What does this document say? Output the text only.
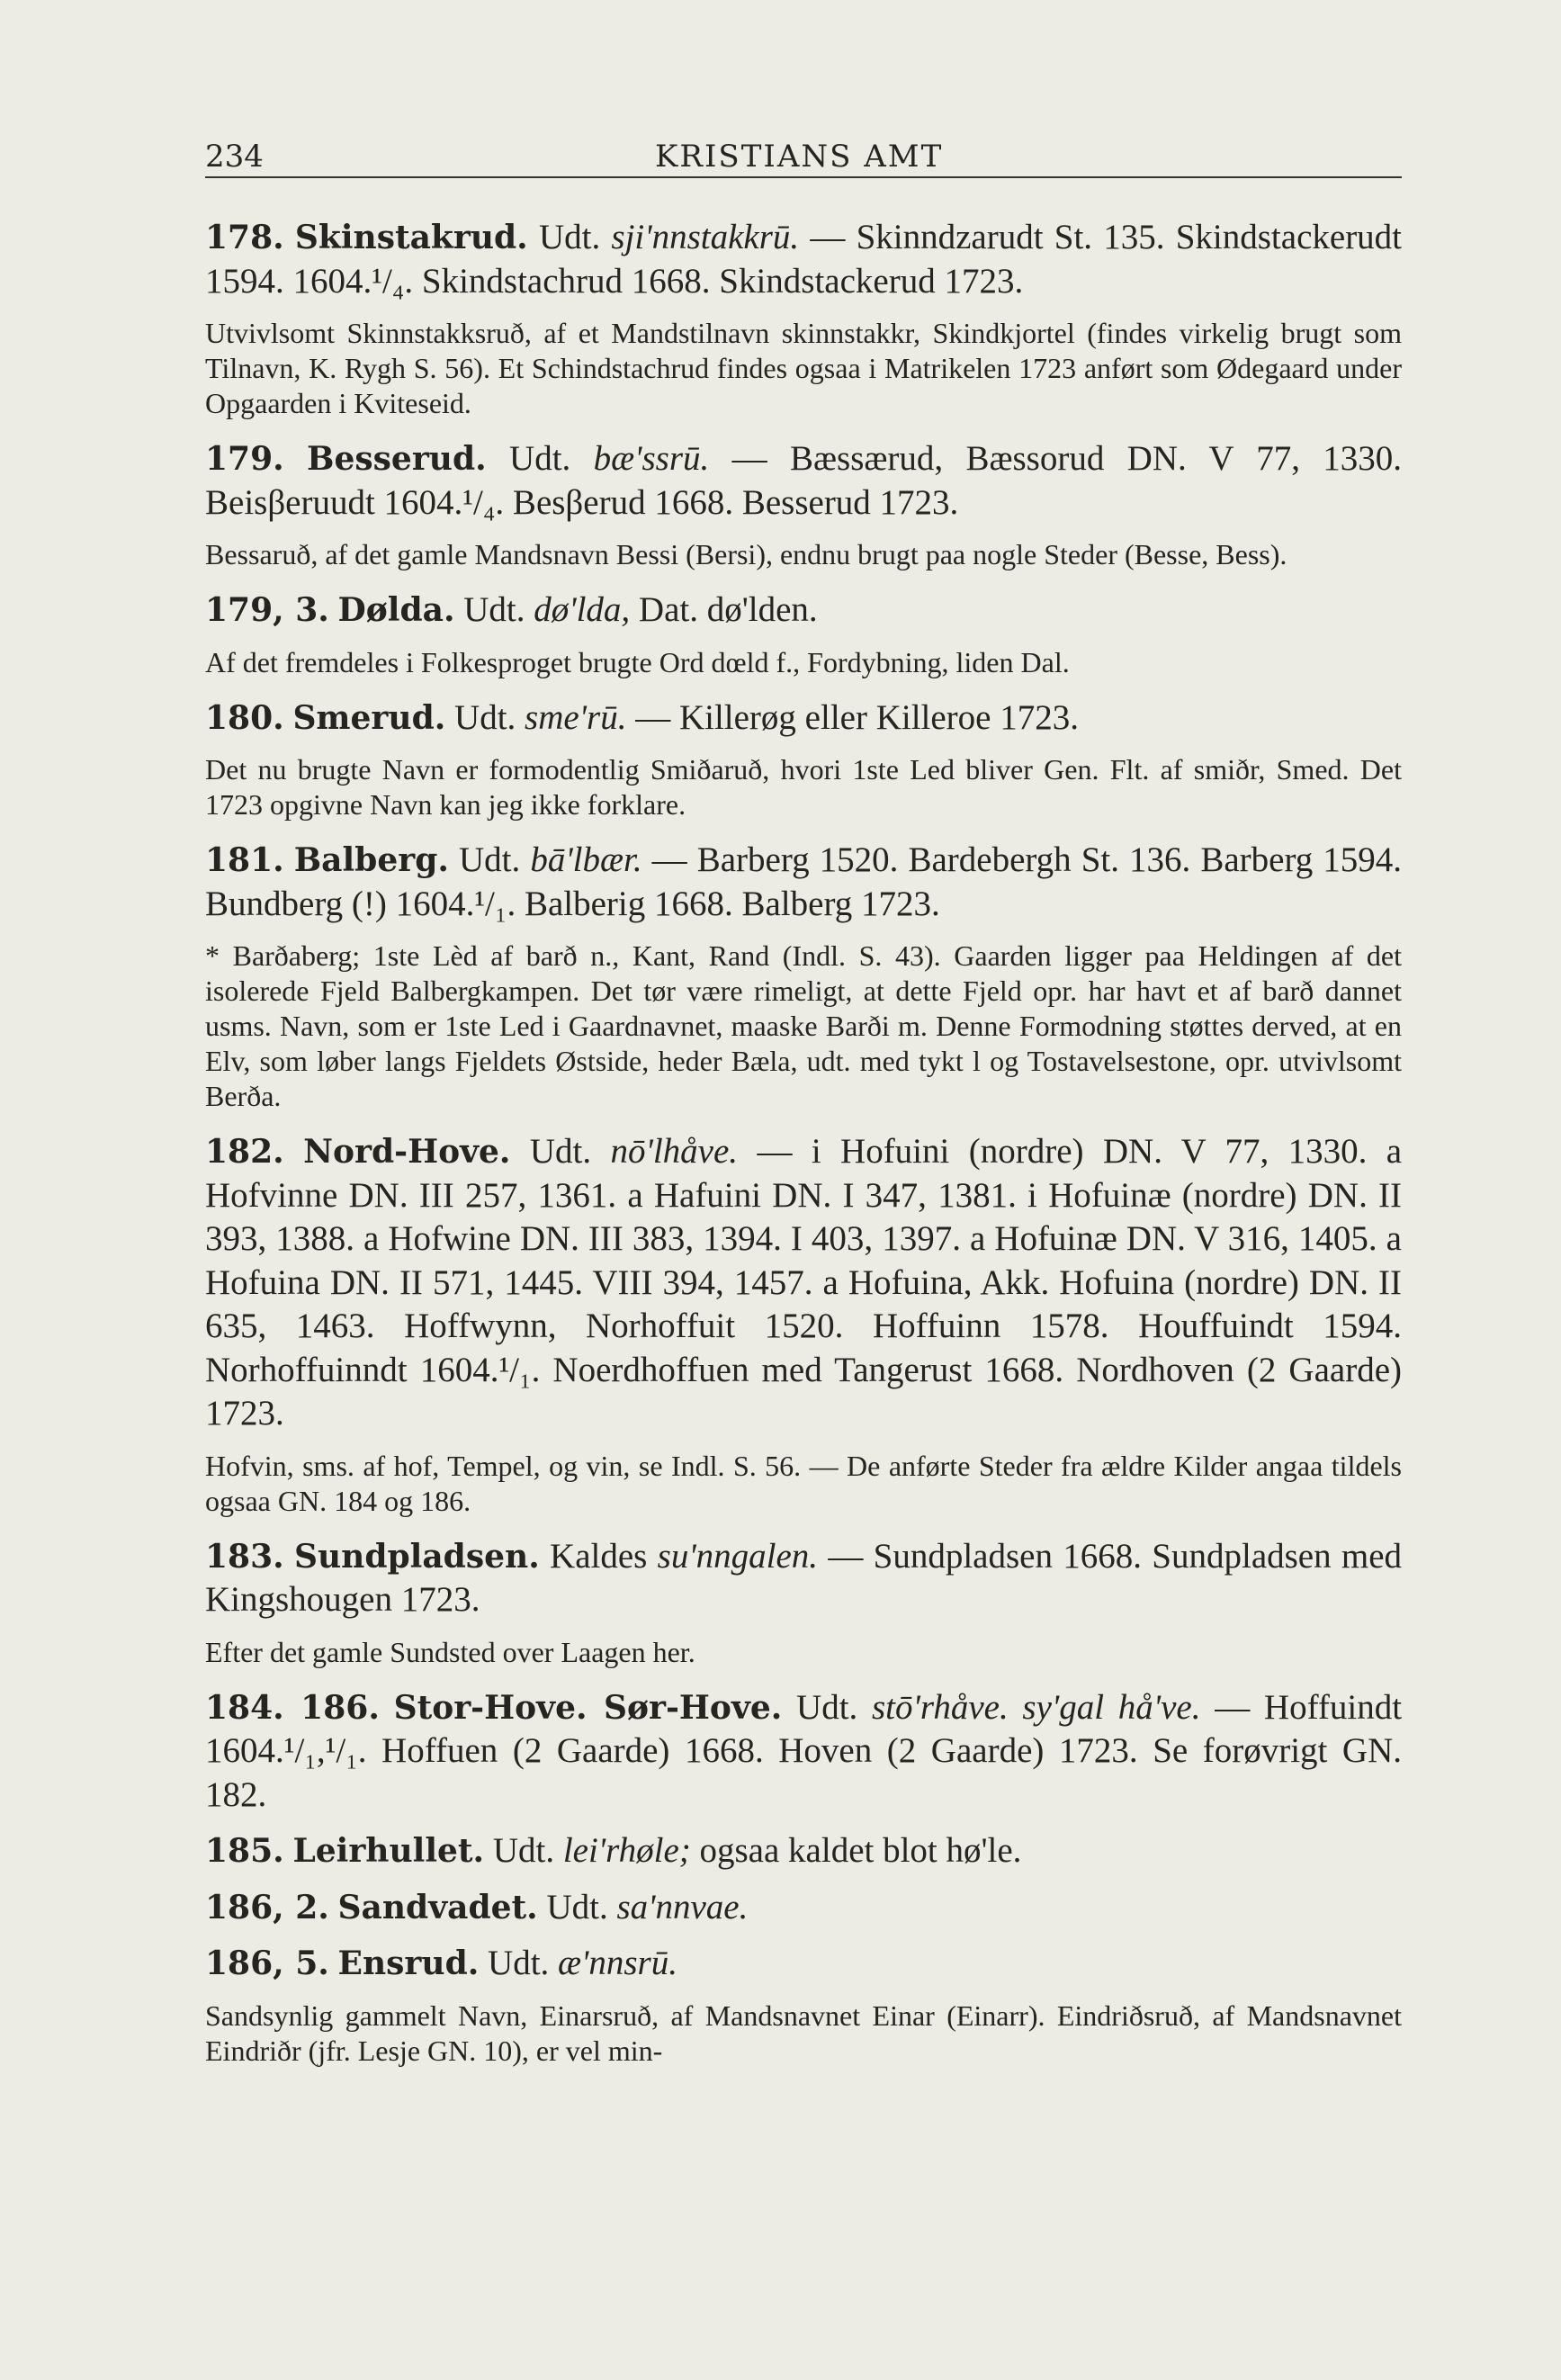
234	KRISTIANS AMT

178. Skinstakrud. Udt. sji'nnstakkrū. — Skinndzarudt St. 135. Skindstackerudt 1594. 1604.¹/₄. Skindstachrud 1668. Skindstackerud 1723.

Utvivlsomt Skinnstakksruð, af et Mandstilnavn skinnstakkr, Skindkjortel (findes virkelig brugt som Tilnavn, K. Rygh S. 56). Et Schindstachrud findes ogsaa i Matrikelen 1723 anført som Ødegaard under Opgaarden i Kviteseid.

179. Besserud. Udt. bæ'ssrū. — Bæssærud, Bæssorud DN. V 77, 1330. Beisβeruudt 1604.¹/₄. Besβerud 1668. Besserud 1723.

Bessaruð, af det gamle Mandsnavn Bessi (Bersi), endnu brugt paa nogle Steder (Besse, Bess).

179, 3. Dølda. Udt. dø'lda, Dat. dø'lden.

Af det fremdeles i Folkesproget brugte Ord dœld f., Fordybning, liden Dal.

180. Smerud. Udt. sme'rū. — Killerøg eller Killeroe 1723.

Det nu brugte Navn er formodentlig Smiðaruð, hvori 1ste Led bliver Gen. Flt. af smiðr, Smed. Det 1723 opgivne Navn kan jeg ikke forklare.

181. Balberg. Udt. bā'lbær. — Barberg 1520. Bardebergh St. 136. Barberg 1594. Bundberg (!) 1604.¹/₁. Balberig 1668. Balberg 1723.

* Barðaberg; 1ste Lèd af barð n., Kant, Rand (Indl. S. 43). Gaarden ligger paa Heldingen af det isolerede Fjeld Balbergkampen. Det tør være rimeligt, at dette Fjeld opr. har havt et af barð dannet usms. Navn, som er 1ste Led i Gaardnavnet, maaske Barði m. Denne Formodning støttes derved, at en Elv, som løber langs Fjeldets Østside, heder Bæla, udt. med tykt l og Tostavelsestone, opr. utvivlsomt Berða.

182. Nord-Hove. Udt. nō'lhåve. — i Hofuini (nordre) DN. V 77, 1330. a Hofvinne DN. III 257, 1361. a Hafuini DN. I 347, 1381. i Hofuinæ (nordre) DN. II 393, 1388. a Hofwine DN. III 383, 1394. I 403, 1397. a Hofuinæ DN. V 316, 1405. a Hofuina DN. II 571, 1445. VIII 394, 1457. a Hofuina, Akk. Hofuina (nordre) DN. II 635, 1463. Hoffwynn, Norhoffuit 1520. Hoffuinn 1578. Houffuindt 1594. Norhoffuinndt 1604.¹/₁. Noerdhoffuen med Tangerust 1668. Nordhoven (2 Gaarde) 1723.

Hofvin, sms. af hof, Tempel, og vin, se Indl. S. 56. — De anførte Steder fra ældre Kilder angaa tildels ogsaa GN. 184 og 186.

183. Sundpladsen. Kaldes su'nngalen. — Sundpladsen 1668. Sundpladsen med Kingshougen 1723.

Efter det gamle Sundsted over Laagen her.

184. 186. Stor-Hove. Sør-Hove. Udt. stō'rhåve. sy'gal hå've. — Hoffuindt 1604.¹/₁,¹/₁. Hoffuen (2 Gaarde) 1668. Hoven (2 Gaarde) 1723. Se forøvrigt GN. 182.

185. Leirhullet. Udt. lei'rhøle; ogsaa kaldet blot hø'le.

186, 2. Sandvadet. Udt. sa'nnvae.

186, 5. Ensrud. Udt. æ'nnsrū.

Sandsynlig gammelt Navn, Einarsruð, af Mandsnavnet Einar (Einarr). Eindriðsruð, af Mandsnavnet Eindriðr (jfr. Lesje GN. 10), er vel min-
